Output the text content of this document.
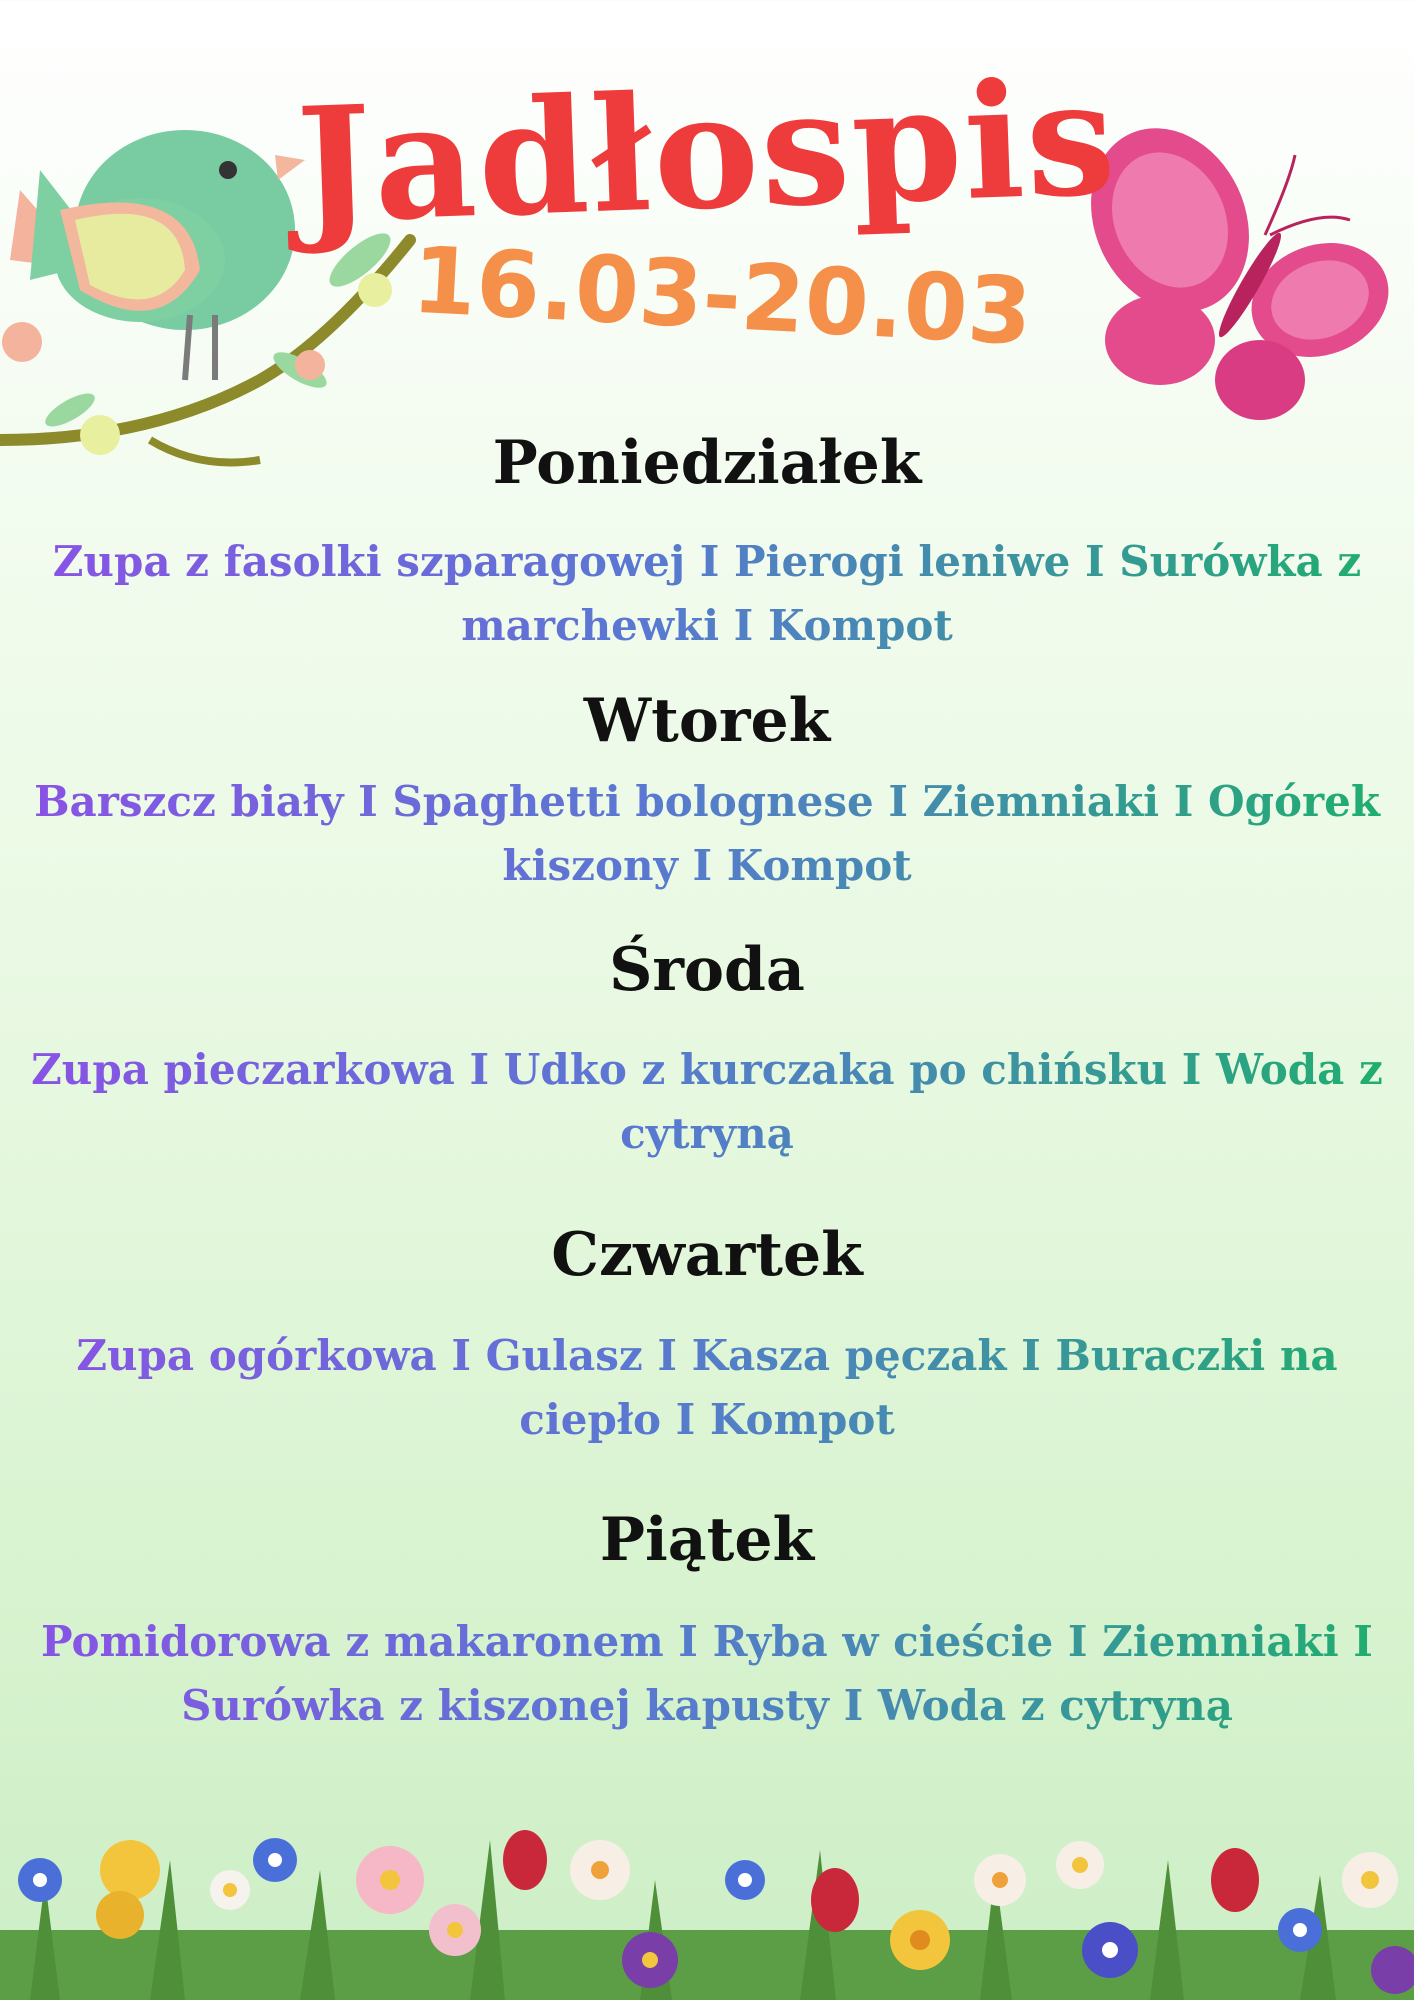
Jadłospis
16.03-20.03
Poniedziałek

Zupa z fasolki szparagowej I Pierogi leniwe I Surówka z marchewki I Kompot

Wtorek

Barszcz biały I Spaghetti bolognese I Ziemniaki I Ogórek kiszony I Kompot

Środa

Zupa pieczarkowa I Udko z kurczaka po chińsku I Woda z cytryną

Czwartek

Zupa ogórkowa I Gulasz I Kasza pęczak I Buraczki na ciepło I Kompot

Piątek

Pomidorowa z makaronem I Ryba w cieście I Ziemniaki I Surówka z kiszonej kapusty I Woda z cytryną
